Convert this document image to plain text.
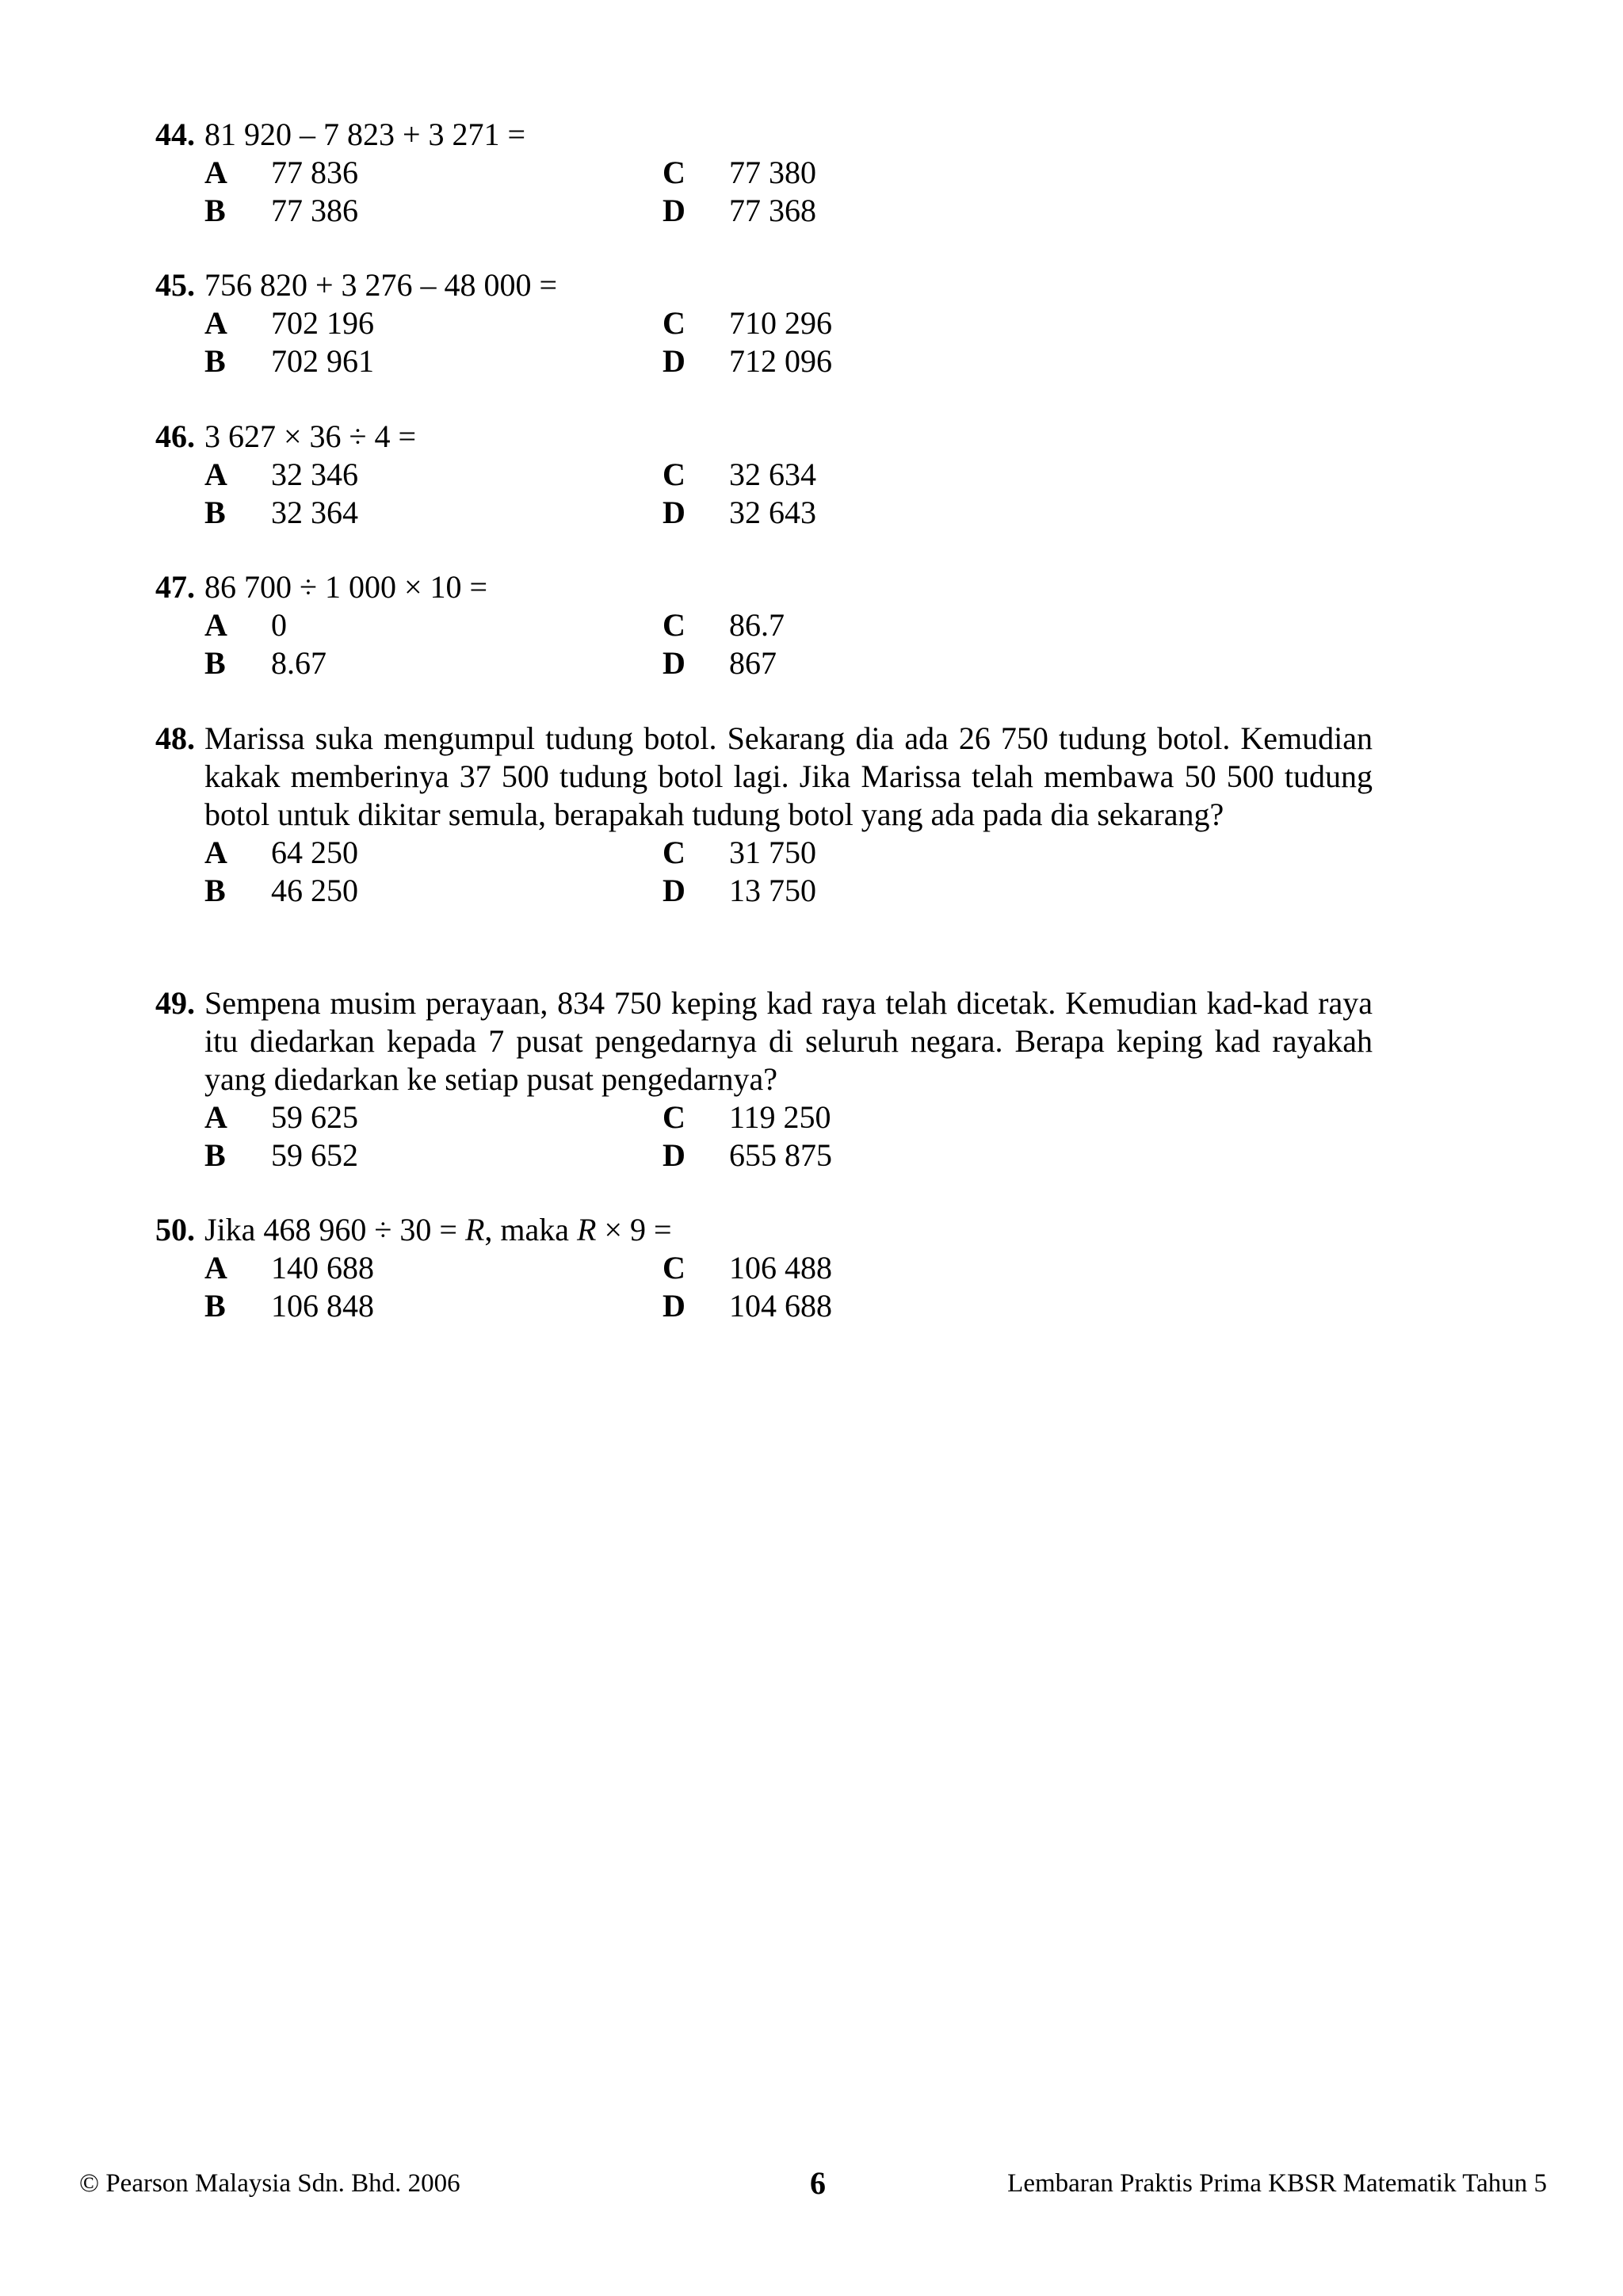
44. 81 920 – 7 823 + 3 271 =
A 77 836	C 77 380
B 77 386	D 77 368
45. 756 820 + 3 276 – 48 000 =
A 702 196	C 710 296
B 702 961	D 712 096
46. 3 627 × 36 ÷ 4 =
A 32 346	C 32 634
B 32 364	D 32 643
47. 86 700 ÷ 1 000 × 10 =
A 0	C 86.7
B 8.67	D 867
48. Marissa suka mengumpul tudung botol. Sekarang dia ada 26 750 tudung botol. Kemudian kakak memberinya 37 500 tudung botol lagi. Jika Marissa telah membawa 50 500 tudung botol untuk dikitar semula, berapakah tudung botol yang ada pada dia sekarang?
A 64 250	C 31 750
B 46 250	D 13 750
49. Sempena musim perayaan, 834 750 keping kad raya telah dicetak. Kemudian kad-kad raya itu diedarkan kepada 7 pusat pengedarnya di seluruh negara. Berapa keping kad rayakah yang diedarkan ke setiap pusat pengedarnya?
A 59 625	C 119 250
B 59 652	D 655 875
50. Jika 468 960 ÷ 30 = R, maka R × 9 =
A 140 688	C 106 488
B 106 848	D 104 688
© Pearson Malaysia Sdn. Bhd. 2006	6	Lembaran Praktis Prima KBSR Matematik Tahun 5
